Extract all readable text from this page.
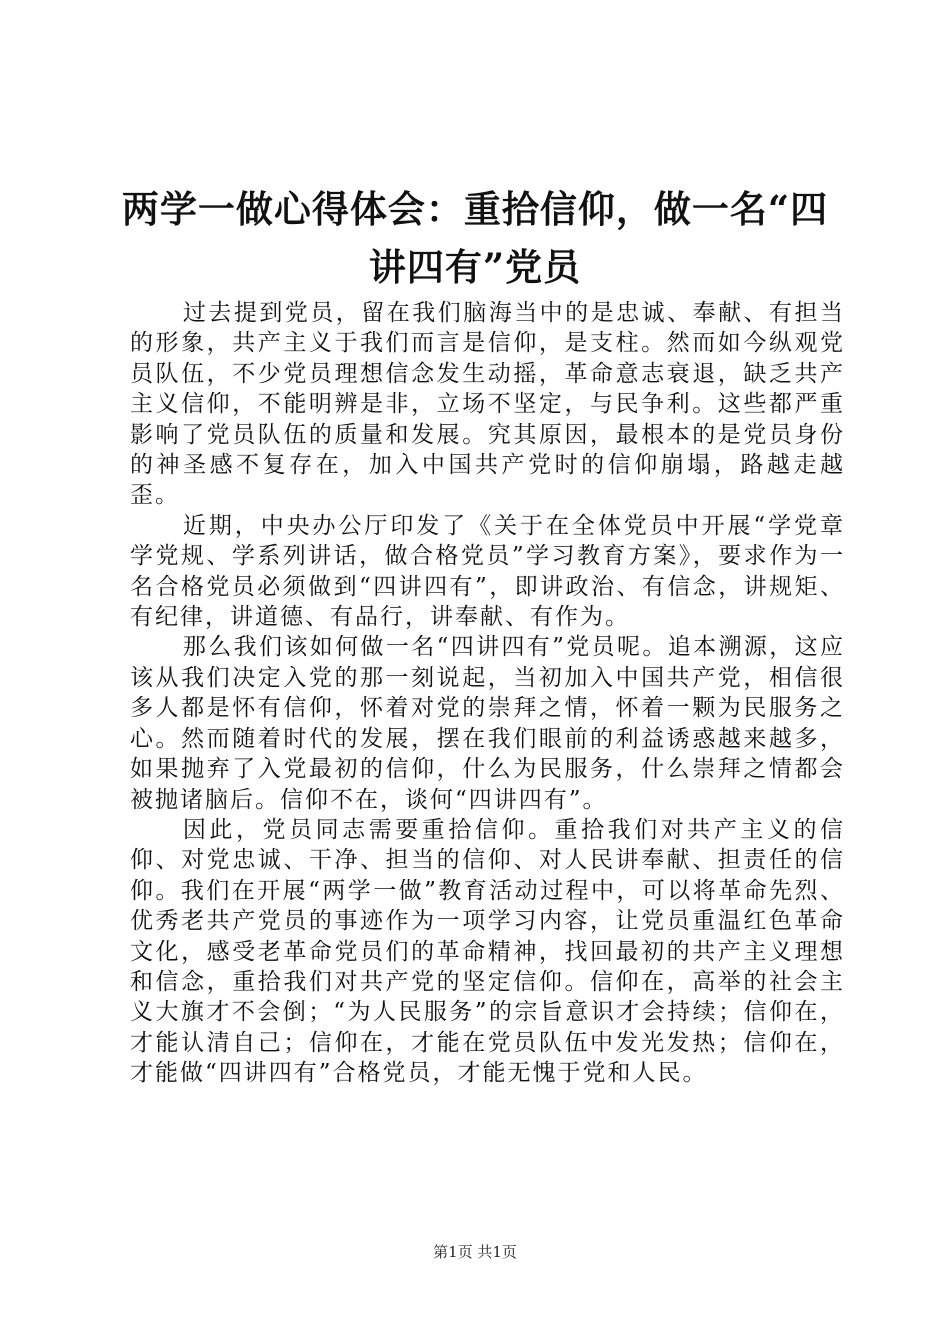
两学一做心得体会：重拾信仰，做一名“四讲四有”党员

过去提到党员，留在我们脑海当中的是忠诚、奉献、有担当的形象，共产主义于我们而言是信仰，是支柱。然而如今纵观党员队伍，不少党员理想信念发生动摇，革命意志衰退，缺乏共产主义信仰，不能明辨是非，立场不坚定，与民争利。这些都严重影响了党员队伍的质量和发展。究其原因，最根本的是党员身份的神圣感不复存在，加入中国共产党时的信仰崩塌，路越走越歪。

近期，中央办公厅印发了《关于在全体党员中开展“学党章学党规、学系列讲话，做合格党员”学习教育方案》，要求作为一名合格党员必须做到“四讲四有”，即讲政治、有信念，讲规矩、有纪律，讲道德、有品行，讲奉献、有作为。

那么我们该如何做一名“四讲四有”党员呢。追本溯源，这应该从我们决定入党的那一刻说起，当初加入中国共产党，相信很多人都是怀有信仰，怀着对党的崇拜之情，怀着一颗为民服务之心。然而随着时代的发展，摆在我们眼前的利益诱惑越来越多，如果抛弃了入党最初的信仰，什么为民服务，什么崇拜之情都会被抛诸脑后。信仰不在，谈何“四讲四有”。

因此，党员同志需要重拾信仰。重拾我们对共产主义的信仰、对党忠诚、干净、担当的信仰、对人民讲奉献、担责任的信仰。我们在开展“两学一做”教育活动过程中，可以将革命先烈、优秀老共产党员的事迹作为一项学习内容，让党员重温红色革命文化，感受老革命党员们的革命精神，找回最初的共产主义理想和信念，重拾我们对共产党的坚定信仰。信仰在，高举的社会主义大旗才不会倒；“为人民服务”的宗旨意识才会持续；信仰在，才能认清自己；信仰在，才能在党员队伍中发光发热；信仰在，才能做“四讲四有”合格党员，才能无愧于党和人民。

第1页 共1页
